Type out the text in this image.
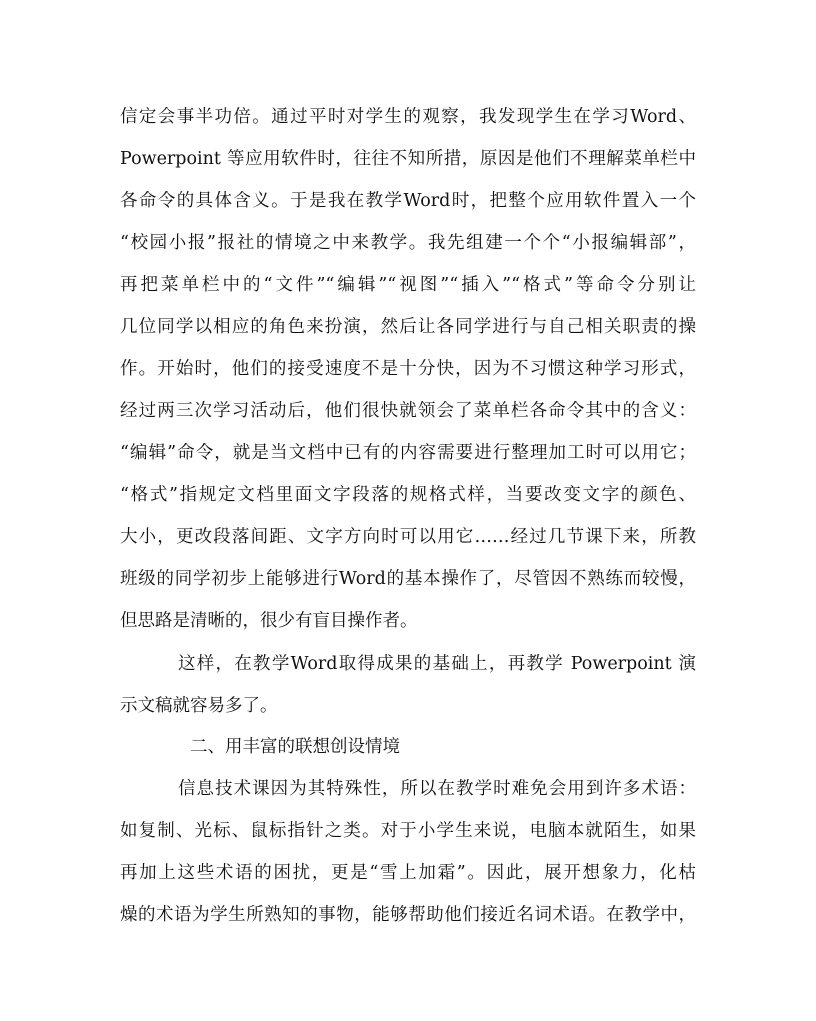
信定会事半功倍。通过平时对学生的观察，我发现学生在学习Word、
Powerpoint 等应用软件时，往往不知所措，原因是他们不理解菜单栏中
各命令的具体含义。于是我在教学Word时，把整个应用软件置入一个
“校园小报”报社的情境之中来教学。我先组建一个个“小报编辑部”，
再把菜单栏中的“文件”“编辑”“视图”“插入”“格式”等命令分别让
几位同学以相应的角色来扮演，然后让各同学进行与自己相关职责的操
作。开始时，他们的接受速度不是十分快，因为不习惯这种学习形式，
经过两三次学习活动后，他们很快就领会了菜单栏各命令其中的含义：
“编辑”命令，就是当文档中已有的内容需要进行整理加工时可以用它；
“格式”指规定文档里面文字段落的规格式样，当要改变文字的颜色、
大小，更改段落间距、文字方向时可以用它……经过几节课下来，所教
班级的同学初步上能够进行Word的基本操作了，尽管因不熟练而较慢，
但思路是清晰的，很少有盲目操作者。
这样，在教学Word取得成果的基础上，再教学 Powerpoint 演
示文稿就容易多了。
二、用丰富的联想创设情境
信息技术课因为其特殊性，所以在教学时难免会用到许多术语：
如复制、光标、鼠标指针之类。对于小学生来说，电脑本就陌生，如果
再加上这些术语的困扰，更是“雪上加霜”。因此，展开想象力，化枯
燥的术语为学生所熟知的事物，能够帮助他们接近名词术语。在教学中，
